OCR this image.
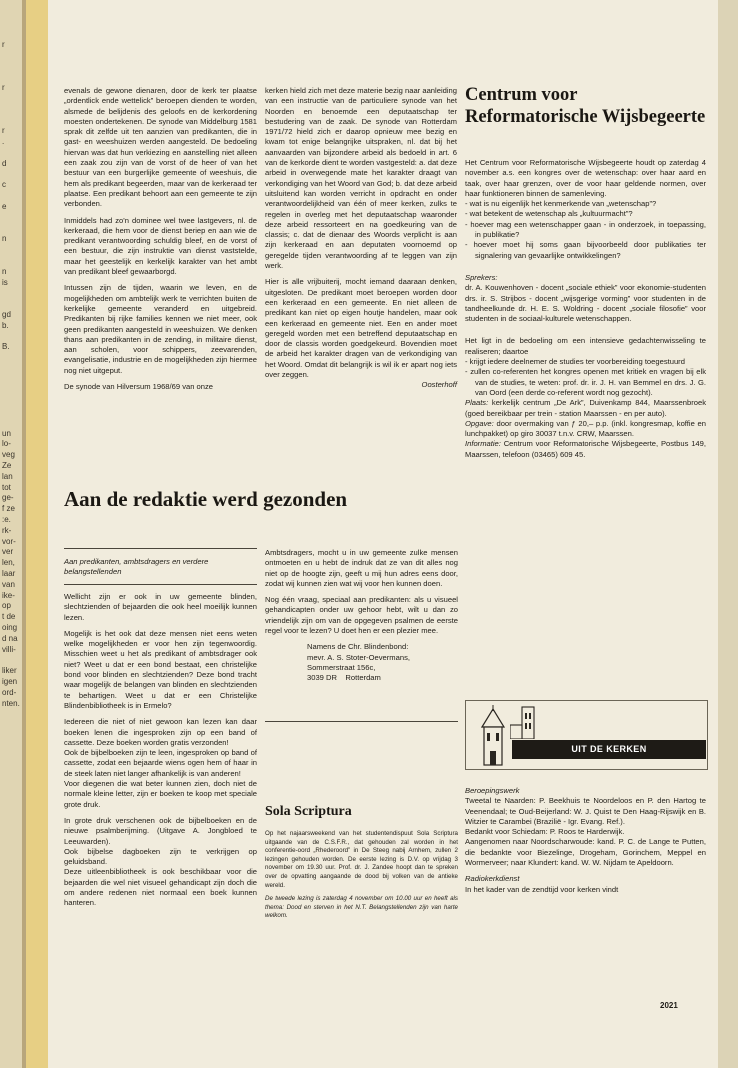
r

r

r
.

d

c

e

n

n
is

gd
b.

B.

un
lo-
veg
Ze
lan
tot
ge-
f ze
:e.
rk-
vor-
ver
len,
laar
van
ike-
op
t de
oing
d na
villi-

liker
igen
ord-
nten.

evenals de gewone dienaren, door de kerk ter plaatse „ordentlick ende wettelick” beroepen dienden te worden, alsmede de belijdenis des geloofs en de kerkordening moesten ondertekenen. De synode van Middelburg 1581 sprak dit zelfde uit ten aanzien van predikanten, die in gast- en weeshuizen werden aangesteld. De bedoeling hiervan was dat hun verkiezing en aanstelling niet alleen een zaak zou zijn van de vorst of de heer of van het bestuur van een burgerlijke gemeente of weeshuis, die hem als predikant begeerden, maar van de kerkeraad ter plaatse. Een predikant behoort aan een gemeente te zijn verbonden.

Inmiddels had zo'n dominee wel twee lastgevers, nl. de kerkeraad, die hem voor de dienst beriep en aan wie de predikant verantwoording schuldig bleef, en de vorst of een bestuur, die zijn instruktie van dienst vaststelde, maar het geestelijk en kerkelijk karakter van het ambt van predikant bleef gewaarborgd.

Intussen zijn de tijden, waarin we leven, en de mogelijkheden om ambtelijk werk te verrichten buiten de kerkelijke gemeente veranderd en uitgebreid. Predikanten bij rijke families kennen we niet meer, ook geen predikanten aangesteld in weeshuizen. We denken thans aan predikanten in de zending, in militaire dienst, aan scholen, voor schippers, zeevarenden, evangelisatie, industrie en de mogelijkheden zijn hiermee nog niet uitgeput.

De synode van Hilversum 1968/69 van onze

kerken hield zich met deze materie bezig naar aanleiding van een instructie van de particuliere synode van het Noorden en benoemde een deputaatschap ter bestudering van de zaak. De synode van Rotterdam 1971/72 hield zich er daarop opnieuw mee bezig en kwam tot enige belangrijke uitspraken, nl. dat bij het aanvaarden van bijzondere arbeid als bedoeld in art. 6 van de kerkorde dient te worden vastgesteld: a. dat deze arbeid in overwegende mate het karakter draagt van verkondiging van het Woord van God; b. dat deze arbeid uitsluitend kan worden verricht in opdracht en onder verantwoordelijkheid van één of meer kerken, zulks te regelen in overleg met het deputaatschap waaronder deze arbeid ressorteert en na goedkeuring van de classis; c. dat de dienaar des Woords verplicht is aan zijn kerkeraad en aan deputaten voornoemd op geregelde tijden verantwoording af te leggen van zijn werk.

Hier is alle vrijbuiterij, mocht iemand daaraan denken, uitgesloten. De predikant moet beroepen worden door een kerkeraad en een gemeente. En niet alleen de predikant kan niet op eigen houtje handelen, maar ook een kerkeraad en gemeente niet. Een en ander moet geregeld worden met een betreffend deputaatschap en door de classis worden goedgekeurd. Bovendien moet de arbeid het karakter dragen van de verkondiging van het Woord. Omdat dit belangrijk is wil ik er apart nog iets over zeggen.

Oosterhoff
Aan de redaktie werd gezonden
Aan predikanten, ambtsdragers en verdere belangstellenden

Wellicht zijn er ook in uw gemeente blinden, slechtzienden of bejaarden die ook heel moeilijk kunnen lezen.

Mogelijk is het ook dat deze mensen niet eens weten welke mogelijkheden er voor hen zijn tegenwoordig. Misschien weet u het als predikant of ambtsdrager ook niet? Weet u dat er een bond bestaat, een christelijke bond voor blinden en slechtzienden? Deze bond tracht waar mogelijk de belangen van blinden en slechtzienden te behartigen. Weet u dat er een Christelijke Blindenbibliotheek is in Ermelo?

Iedereen die niet of niet gewoon kan lezen kan daar boeken lenen die ingesproken zijn op een band of cassette. Deze boeken worden gratis verzonden!

Ook de bijbelboeken zijn te leen, ingesproken op band of cassette, zodat een bejaarde wiens ogen hem of haar in de steek laten niet langer afhankelijk is van anderen!

Voor diegenen die wat beter kunnen zien, doch niet de normale kleine letter, zijn er boeken te koop met speciale grote druk.

In grote druk verschenen ook de bijbelboeken en de nieuwe psalmberijming. (Uitgave A. Jongbloed te Leeuwarden).

Ook bijbelse dagboeken zijn te verkrijgen op geluidsband.

Deze uitleenbibliotheek is ook beschikbaar voor die bejaarden die wel niet visueel gehandicapt zijn doch die om andere redenen niet normaal een boek kunnen hanteren.

Ambtsdragers, mocht u in uw gemeente zulke mensen ontmoeten en u hebt de indruk dat ze van dit alles nog niet op de hoogte zijn, geeft u mij hun adres eens door, zodat wij kunnen zien wat wij voor hen kunnen doen.

Nog één vraag, speciaal aan predikanten: als u visueel gehandicapten onder uw gehoor hebt, wilt u dan zo vriendelijk zijn om van de opgegeven psalmen de eerste regel voor te lezen? U doet hen er een plezier mee.

Namens de Chr. Blindenbond:
mevr. A. S. Stoter-Oevermans,
Sommerstraat 156c,
3039 DR    Rotterdam
Sola Scriptura

Op het najaarsweekend van het studentendispuut Sola Scriptura uitgaande van de C.S.F.R., dat gehouden zal worden in het conferentie-oord „Rhederoord” in De Steeg nabij Arnhem, zullen 2 lezingen gehouden worden. De eerste lezing is D.V. op vrijdag 3 november om 19.30 uur. Prof. dr. J. Zandee hoopt dan te spreken over de opvatting aangaande de dood bij volken van de antieke wereld.

De tweede lezing is zaterdag 4 november om 10.00 uur en heeft als thema: Dood en sterven in het N.T. Belangstellenden zijn van harte welkom.

Centrum voor Reformatorische Wijsbegeerte

Het Centrum voor Reformatorische Wijsbegeerte houdt op zaterdag 4 november a.s. een kongres over de wetenschap: over haar aard en taak, over haar grenzen, over de voor haar geldende normen, over haar funktioneren binnen de samenleving.

- wat is nu eigenlijk het kenmerkende van „wetenschap”?
- wat betekent de wetenschap als „kultuurmacht”?
- hoever mag een wetenschapper gaan - in onderzoek, in toepassing, in publikatie?
- hoever moet hij soms gaan bijvoorbeeld door publikaties ter signalering van gevaarlijke ontwikkelingen?
Sprekers:

dr. A. Kouwenhoven - docent „sociale ethiek” voor ekonomie-studenten drs. ir. S. Strijbos - docent „wijsgerige vorming” voor studenten in de tandheelkunde dr. H. E. S. Woldring - docent „sociale filosofie” voor studenten in de sociaal-kulturele wetenschappen.

Het ligt in de bedoeling om een intensieve gedachtenwisseling te realiseren; daartoe

- krijgt iedere deelnemer de studies ter voorbereiding toegestuurd
- zullen co-referenten het kongres openen met kritiek en vragen bij elk van de studies, te weten: prof. dr. ir. J. H. van Bemmel en drs. J. G. van Oord (een derde co-referent wordt nog gezocht).
Plaats: kerkelijk centrum „De Ark”, Duivenkamp 844, Maarssenbroek (goed bereikbaar per trein - station Maarssen - en per auto).
Opgave: door overmaking van ƒ 20,– p.p. (inkl. kongresmap, koffie en lunchpakket) op giro 30037 t.n.v. CRW, Maarssen.
Informatie: Centrum voor Reformatorische Wijsbegeerte, Postbus 149, Maarssen, telefoon (03465) 609 45.
UIT DE KERKEN
Beroepingswerk

Tweetal te Naarden: P. Beekhuis te Noordeloos en P. den Hartog te Veenendaal; te Oud-Beijerland: W. J. Quist te Den Haag-Rijswijk en B. Witzier te Carambei (Brazilië - Igr. Evang. Ref.).

Bedankt voor Schiedam: P. Roos te Harderwijk.

Aangenomen naar Noordscharwoude: kand. P. C. de Lange te Putten, die bedankte voor Biezelinge, Drogeham, Gorinchem, Meppel en Wormerveer; naar Klundert: kand. W. W. Nijdam te Apeldoorn.

Radiokerkdienst

In het kader van de zendtijd voor kerken vindt

2021
